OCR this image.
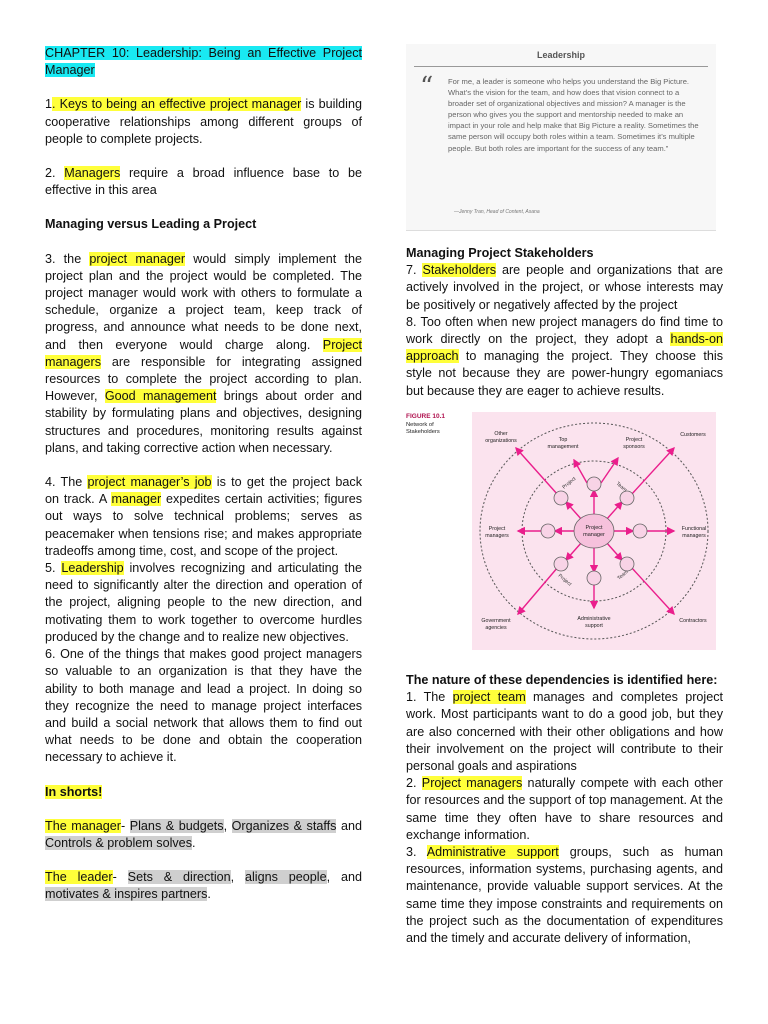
CHAPTER 10: Leadership: Being an Effective Project Manager

1. Keys to being an effective project manager is building cooperative relationships among different groups of people to complete projects.

2. Managers require a broad influence base to be effective in this area

Managing versus Leading a Project

3. the project manager would simply implement the project plan and the project would be completed. The project manager would work with others to formulate a schedule, organize a project team, keep track of progress, and announce what needs to be done next, and then everyone would charge along. Project managers are responsible for integrating assigned resources to complete the project according to plan. However, Good management brings about order and stability by formulating plans and objectives, designing structures and procedures, monitoring results against plans, and taking corrective action when necessary.

4. The project manager’s job is to get the project back on track. A manager expedites certain activities; figures out ways to solve technical problems; serves as peacemaker when tensions rise; and makes appropriate tradeoffs among time, cost, and scope of the project.

5. Leadership involves recognizing and articulating the need to significantly alter the direction and operation of the project, aligning people to the new direction, and motivating them to work together to overcome hurdles produced by the change and to realize new objectives.

6. One of the things that makes good project managers so valuable to an organization is that they have the ability to both manage and lead a project. In doing so they recognize the need to manage project interfaces and build a social network that allows them to find out what needs to be done and obtain the cooperation necessary to achieve it.

In shorts!

The manager- Plans & budgets, Organizes & staffs and Controls & problem solves.

The leader- Sets & direction, aligns people, and motivates & inspires partners.

Leadership
“ For me, a leader is someone who helps you understand the Big Picture. What’s the vision for the team, and how does that vision connect to a broader set of organizational objectives and mission? A manager is the person who gives you the support and mentorship needed to make an impact in your role and help make that Big Picture a reality. Sometimes the same person will occupy both roles within a team. Sometimes it’s multiple people. But both roles are important for the success of any team.”
—Jenny Tran, Head of Content, Asana

Managing Project Stakeholders

7. Stakeholders are people and organizations that are actively involved in the project, or whose interests may be positively or negatively affected by the project

8. Too often when new project managers do find time to work directly on the project, they adopt a hands-on approach to managing the project. They choose this style not because they are power-hungry egomaniacs but because they are eager to achieve results.

FIGURE 10.1
Network of
Stakeholders
Project
manager
Other
organizations	Top
management
Project
sponsors
Customers
Project
managers
Functional
managers
Government
agencies
Administrative
support
Contractors
Project	Team
Project	Team

The nature of these dependencies is identified here:

1. The project team manages and completes project work. Most participants want to do a good job, but they are also concerned with their other obligations and how their involvement on the project will contribute to their personal goals and aspirations

2. Project managers naturally compete with each other for resources and the support of top management. At the same time they often have to share resources and exchange information.

3. Administrative support groups, such as human resources, information systems, purchasing agents, and maintenance, provide valuable support services. At the same time they impose constraints and requirements on the project such as the documentation of expenditures and the timely and accurate delivery of information,
